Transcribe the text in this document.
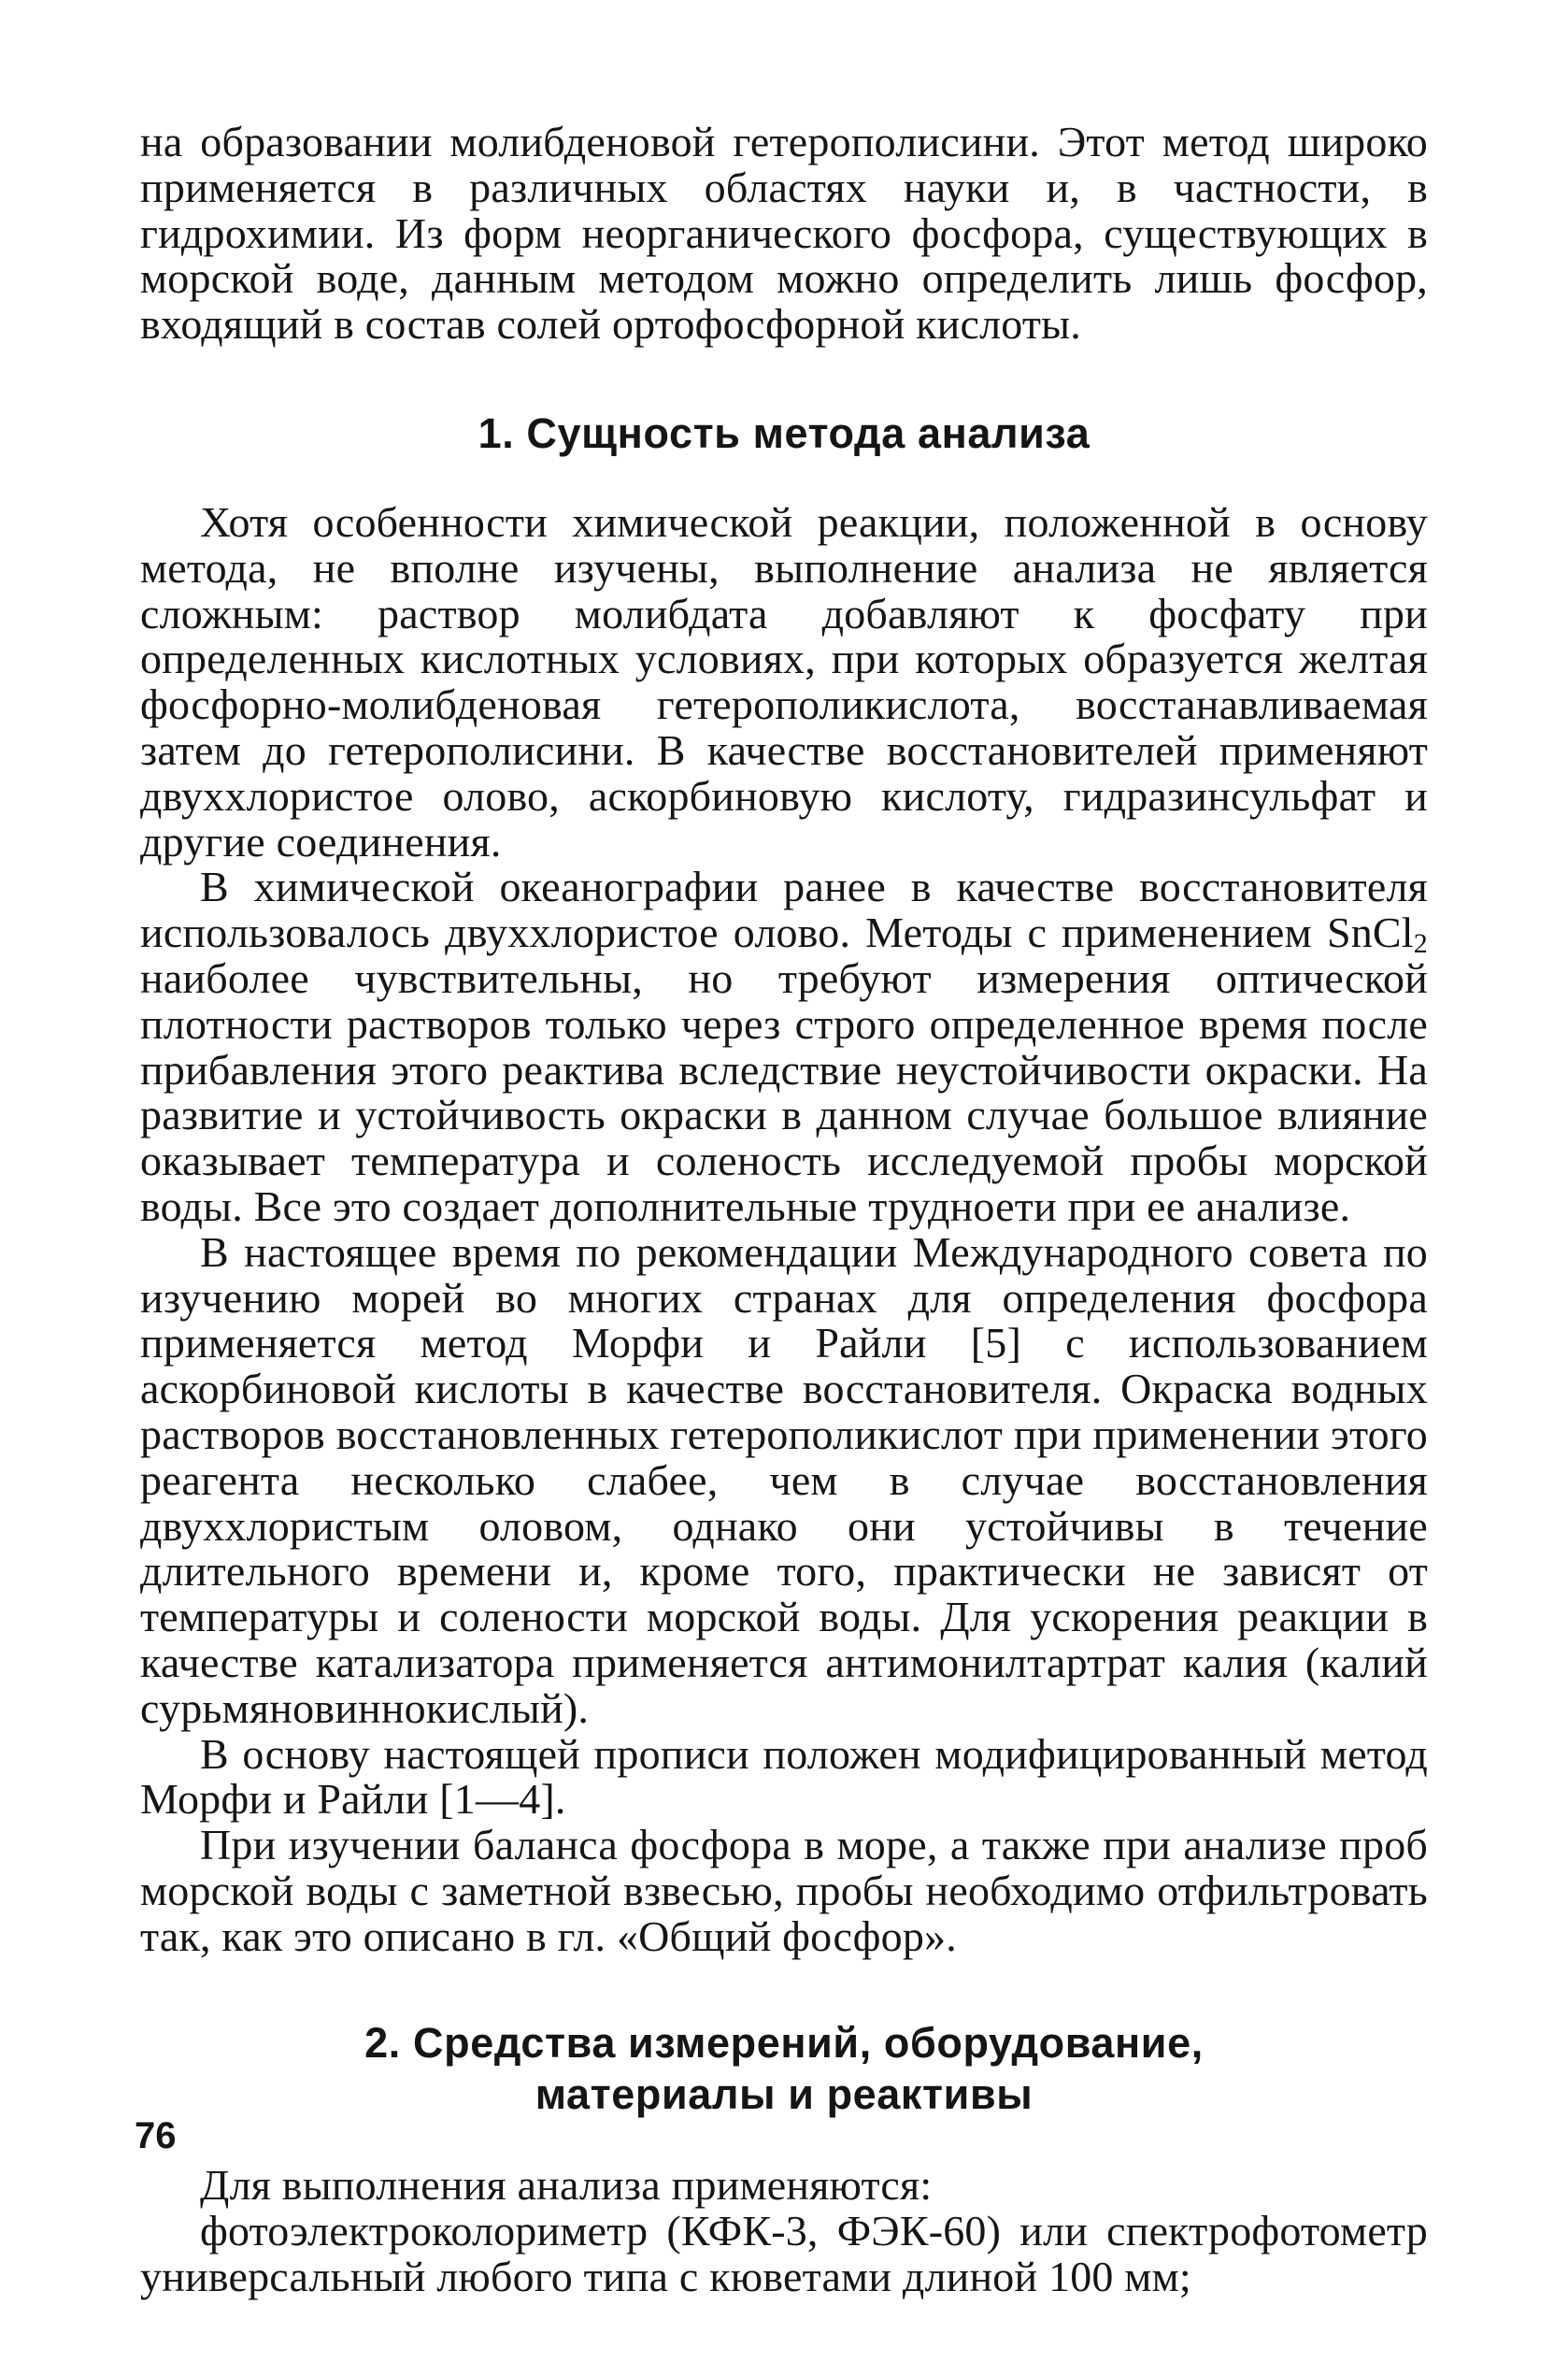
на образовании молибденовой гетерополисини. Этот метод широко применяется в различных областях науки и, в частности, в гидрохимии. Из форм неорганического фосфора, существующих в морской воде, данным методом можно определить лишь фосфор, входящий в состав солей ортофосфорной кислоты.

1. Сущность метода анализа

Хотя особенности химической реакции, положенной в основу метода, не вполне изучены, выполнение анализа не является сложным: раствор молибдата добавляют к фосфату при определенных кислотных условиях, при которых образуется желтая фосфорно-молибденовая гетерополикислота, восстанавливаемая затем до гетерополисини. В качестве восстановителей применяют двуххлористое олово, аскорбиновую кислоту, гидразинсульфат и другие соединения.

В химической океанографии ранее в качестве восстановителя использовалось двуххлористое олово. Методы с применением SnCl$_2$ наиболее чувствительны, но требуют измерения оптической плотности растворов только через строго определенное время после прибавления этого реактива вследствие неустойчивости окраски. На развитие и устойчивость окраски в данном случае большое влияние оказывает температура и соленость исследуемой пробы морской воды. Все это создает дополнительные трудноети при ее анализе.

В настоящее время по рекомендации Международного совета по изучению морей во многих странах для определения фосфора применяется метод Морфи и Райли [5] с использованием аскорбиновой кислоты в качестве восстановителя. Окраска водных растворов восстановленных гетерополикислот при применении этого реагента несколько слабее, чем в случае восстановления двуххлористым оловом, однако они устойчивы в течение длительного времени и, кроме того, практически не зависят от температуры и солености морской воды. Для ускорения реакции в качестве катализатора применяется антимонилтартрат калия (калий сурьмяновиннокислый).

В основу настоящей прописи положен модифицированный метод Морфи и Райли [1—4].

При изучении баланса фосфора в море, а также при анализе проб морской воды с заметной взвесью, пробы необходимо отфильтровать так, как это описано в гл. «Общий фосфор».

2. Средства измерений, оборудование,
материалы и реактивы

Для выполнения анализа применяются:

фотоэлектроколориметр (КФК-3, ФЭК-60) или спектрофотометр универсальный любого типа с кюветами длиной 100 мм;

76
